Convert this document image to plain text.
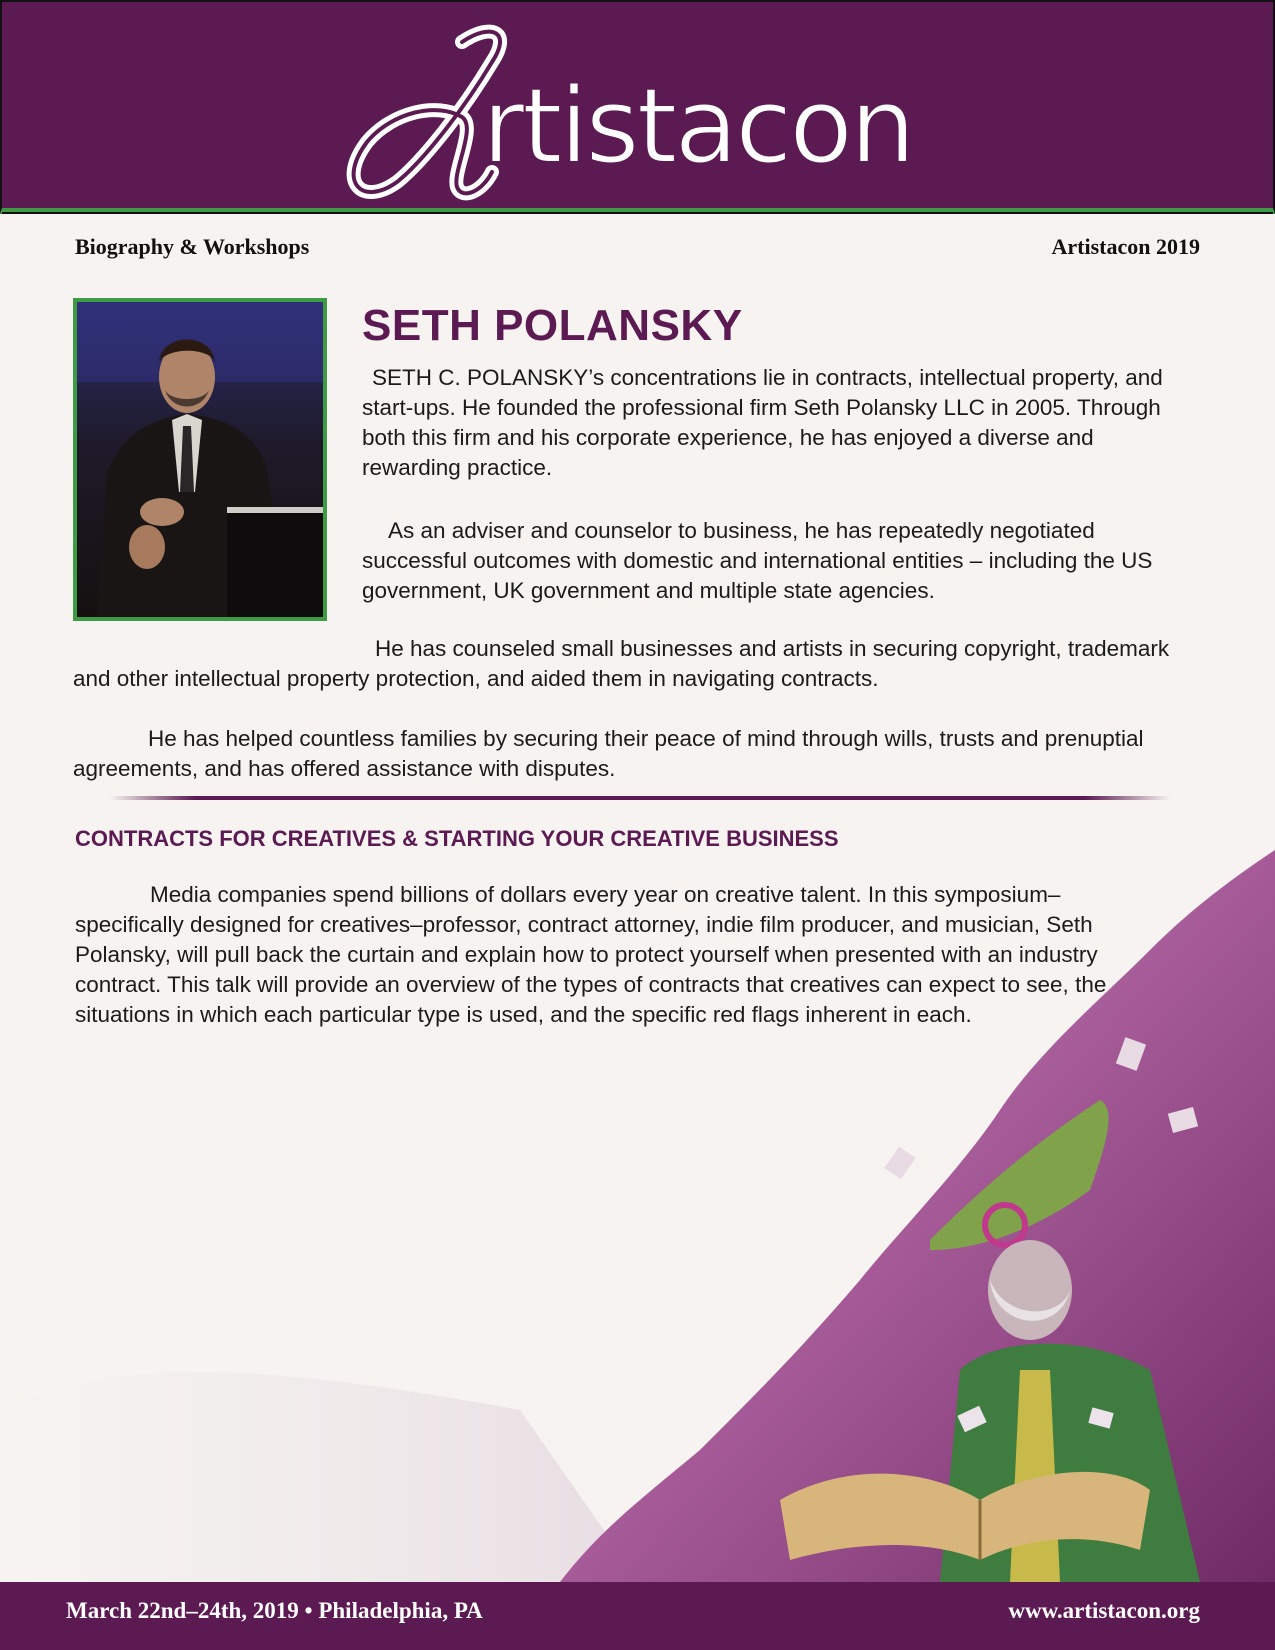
rtistacon
Biography & Workshops	Artistacon 2019
SETH POLANSKY

SETH C. POLANSKY’s concentrations lie in contracts, intellectual property, and start-ups. He founded the professional firm Seth Polansky LLC in 2005. Through both this firm and his corporate experience, he has enjoyed a diverse and rewarding practice.

As an adviser and counselor to business, he has repeatedly negotiated successful outcomes with domestic and international entities – including the US government, UK government and multiple state agencies.

He has counseled small businesses and artists in securing copyright, trademark and other intellectual property protection, and aided them in navigating contracts.

He has helped countless families by securing their peace of mind through wills, trusts and prenuptial agreements, and has offered assistance with disputes.

CONTRACTS FOR CREATIVES & STARTING YOUR CREATIVE BUSINESS

Media companies spend billions of dollars every year on creative talent. In this symposium–specifically designed for creatives–professor, contract attorney, indie film producer, and musician, Seth Polansky, will pull back the curtain and explain how to protect yourself when presented with an industry contract. This talk will provide an overview of the types of contracts that creatives can expect to see, the situations in which each particular type is used, and the specific red flags inherent in each.

March 22nd–24th, 2019 • Philadelphia, PA	www.artistacon.org
